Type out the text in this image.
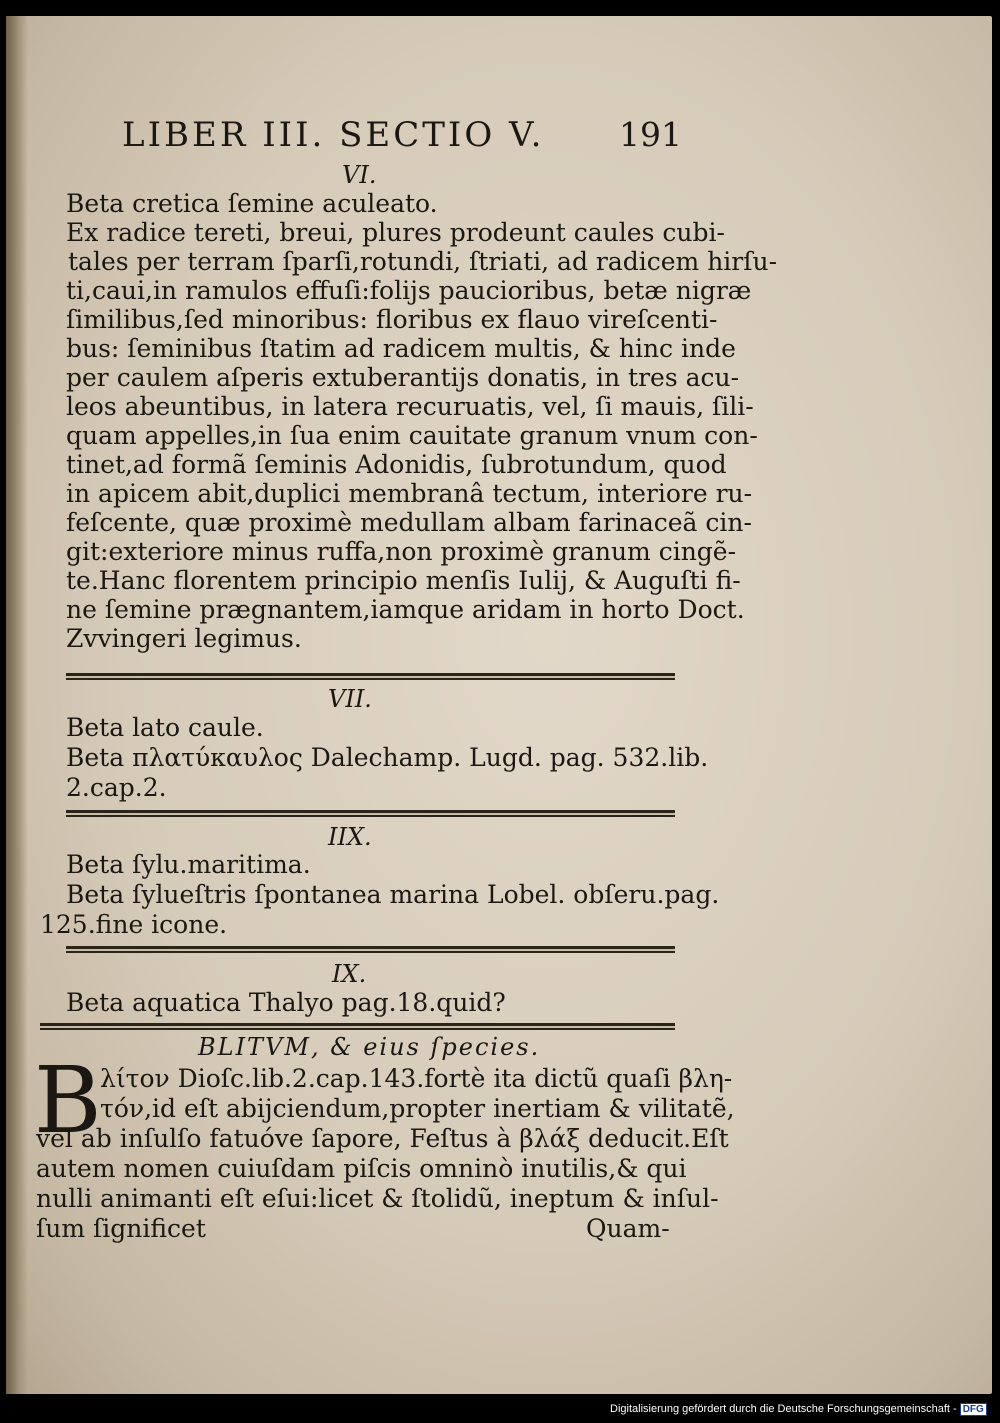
LIBER III. SECTIO V. 191
VI.
Beta cretica ſemine aculeato.
Ex radice tereti, breui, plures prodeunt caules cubi-
tales per terram ſparſi,rotundi, ſtriati, ad radicem hirſu-
ti,caui,in ramulos effuſi:folijs paucioribus, betæ nigræ
ſimilibus,ſed minoribus: floribus ex flauo vireſcenti-
bus: ſeminibus ſtatim ad radicem multis, & hinc inde
per caulem aſperis extuberantijs donatis, in tres acu-
leos abeuntibus, in latera recuruatis, vel, ſi mauis, ſili-
quam appelles,in ſua enim cauitate granum vnum con-
tinet,ad formã ſeminis Adonidis, ſubrotundum, quod
in apicem abit,duplici membranâ tectum, interiore ru-
feſcente, quæ proximè medullam albam farinaceã cin-
git:exteriore minus ruffa,non proximè granum cingẽ-
te.Hanc florentem principio menſis Iulij, & Auguſti fi-
ne ſemine prægnantem,iamque aridam in horto Doct.
Zvvingeri legimus.
VII.
Beta lato caule.
Beta πλατύκαυλος Dalechamp. Lugd. pag. 532.lib.
2.cap.2.
IIX.
Beta ſylu.maritima.
Beta ſylueſtris ſpontanea marina Lobel. obſeru.pag.
125.fine icone.
IX.
Beta aquatica Thalyo pag.18.quid?
BLITVM, & eius ſpecies.
B
λίτον Dioſc.lib.2.cap.143.fortè ita dictũ quaſi βλη-
τόν,id eſt abijciendum,propter inertiam & vilitatẽ,
vel ab inſulſo fatuóve ſapore, Feſtus à βλάξ deducit.Eſt
autem nomen cuiuſdam piſcis omninò inutilis,& qui
nulli animanti eſt eſui:licet & ſtolidũ, ineptum & inſul-
ſum ſignificet	Quam-
Digitalisierung gefördert durch die Deutsche Forschungsgemeinschaft - DFG
